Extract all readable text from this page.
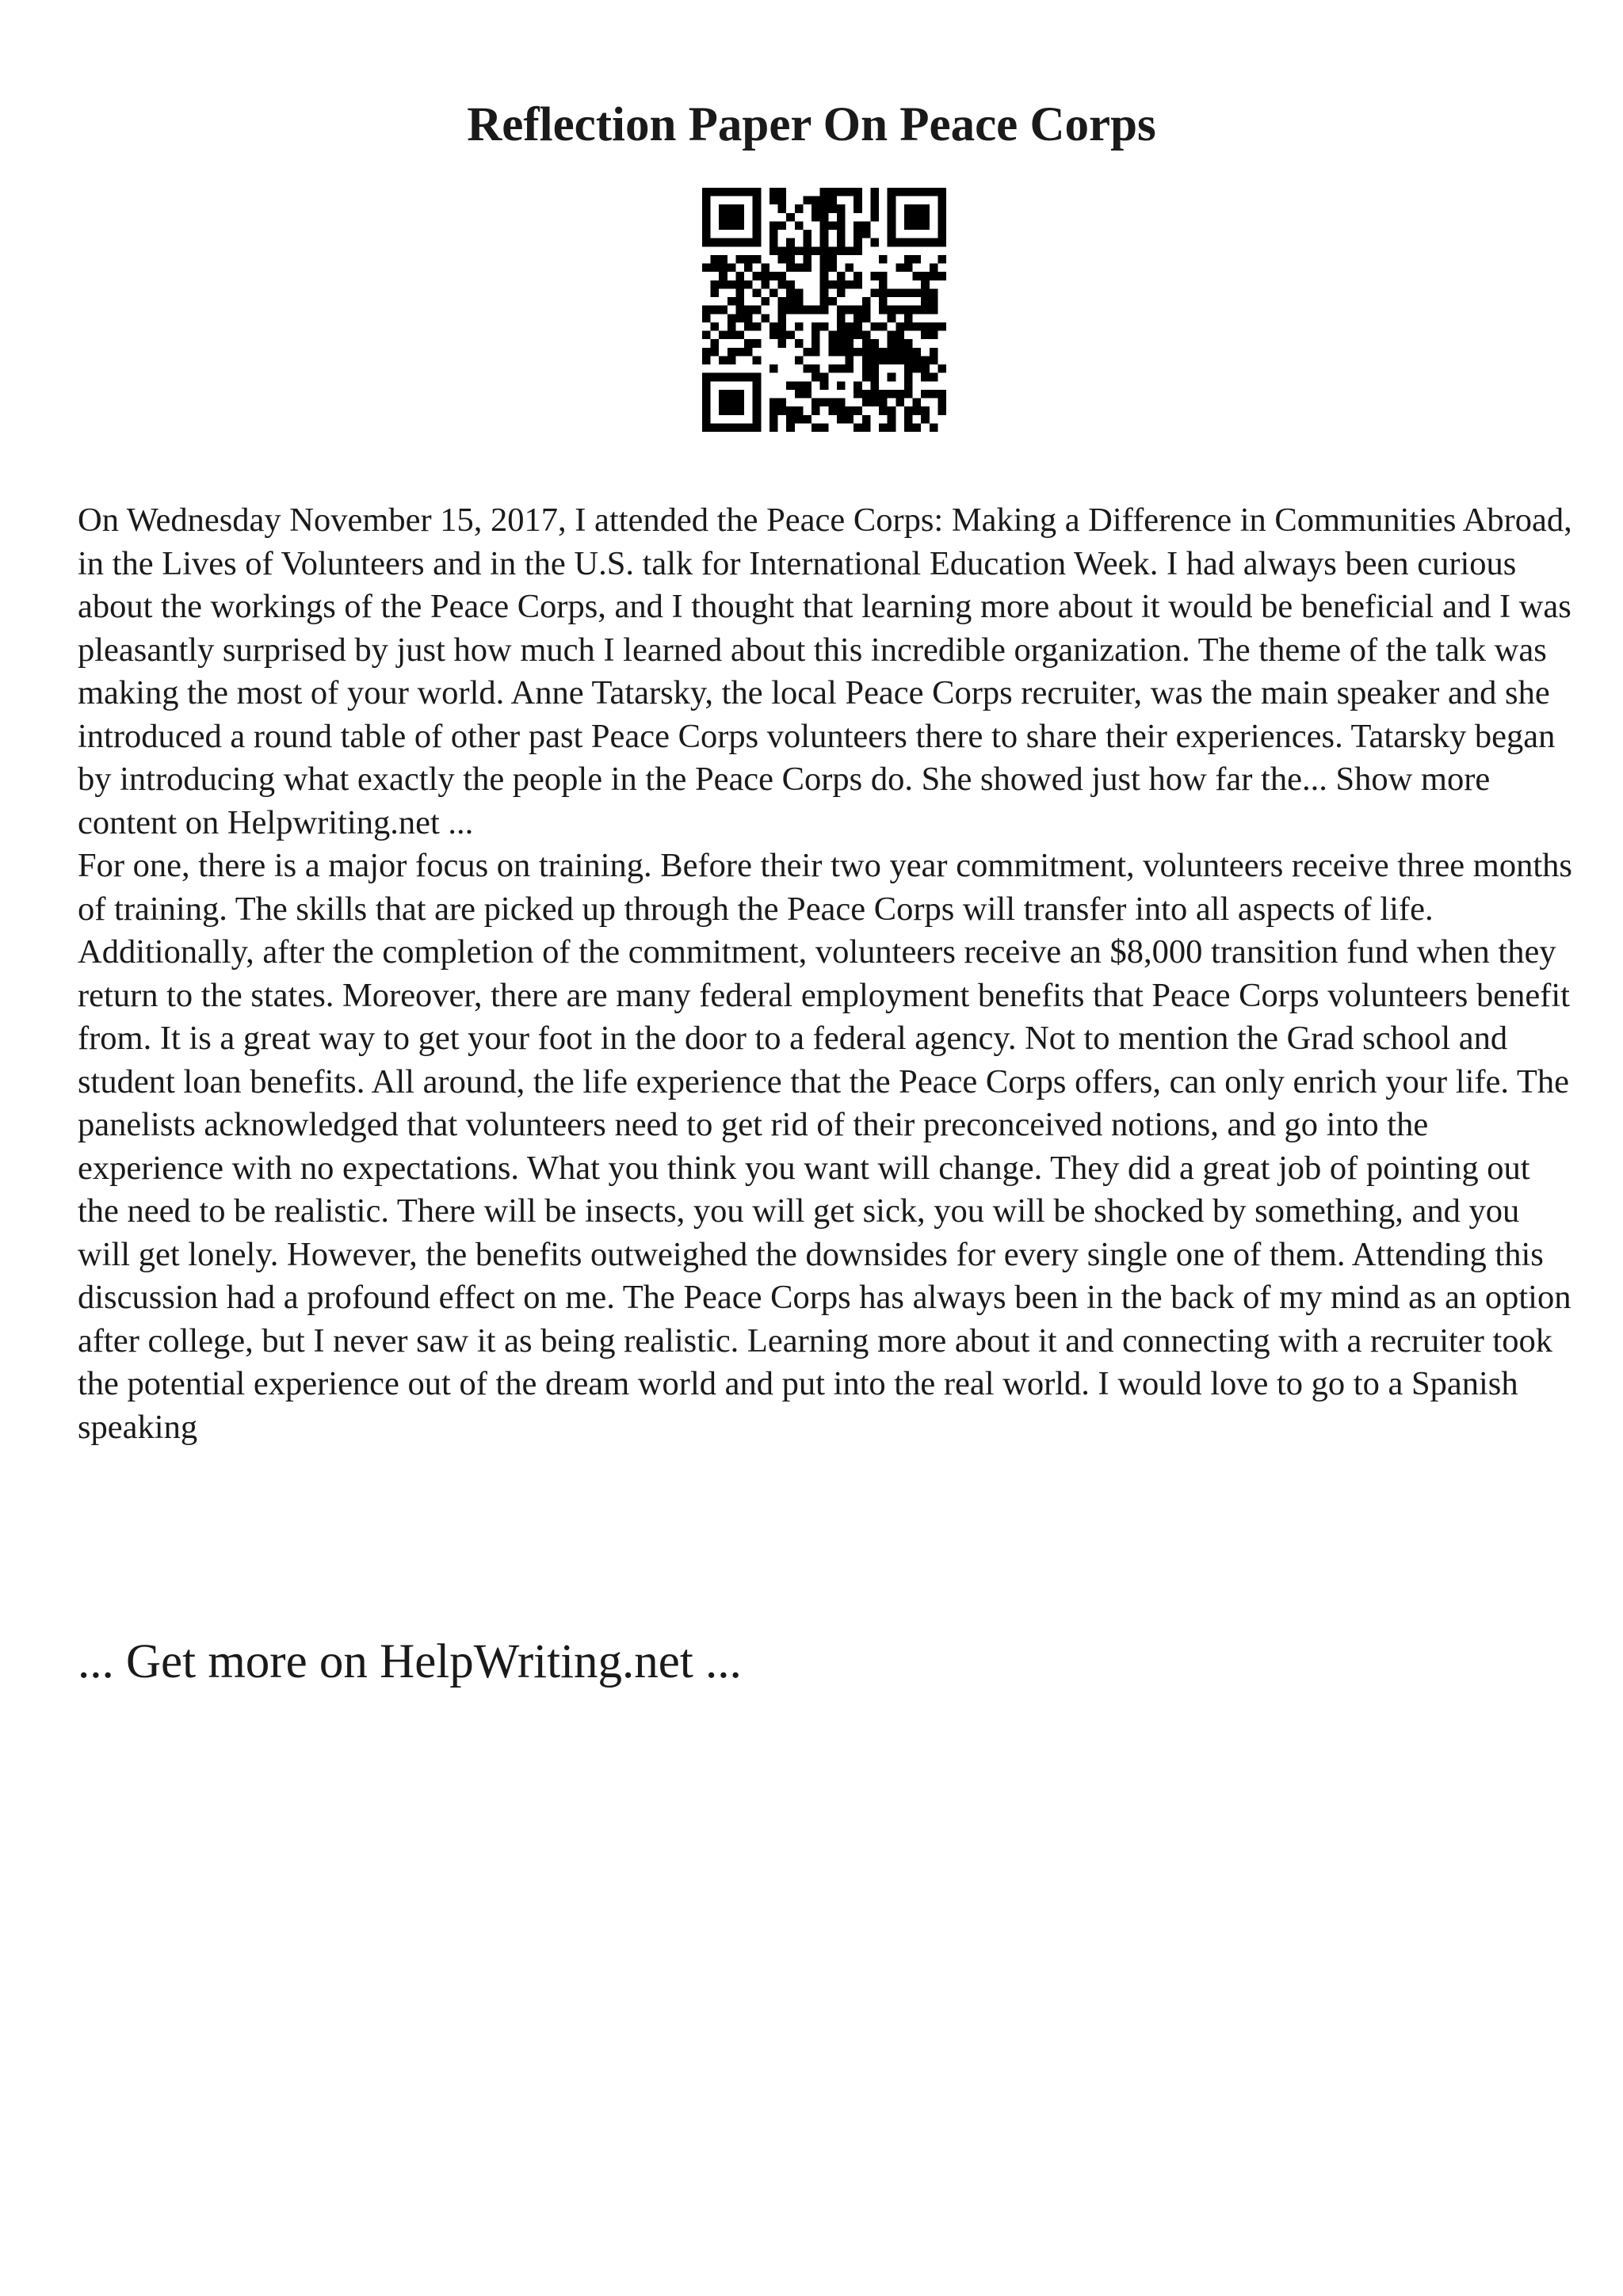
Reflection Paper On Peace Corps

On Wednesday November 15, 2017, I attended the Peace Corps: Making a Difference in Communities Abroad, in the Lives of Volunteers and in the U.S. talk for International Education Week. I had always been curious about the workings of the Peace Corps, and I thought that learning more about it would be beneficial and I was pleasantly surprised by just how much I learned about this incredible organization. The theme of the talk was making the most of your world. Anne Tatarsky, the local Peace Corps recruiter, was the main speaker and she introduced a round table of other past Peace Corps volunteers there to share their experiences. Tatarsky began by introducing what exactly the people in the Peace Corps do. She showed just how far the... Show more content on Helpwriting.net ...

For one, there is a major focus on training. Before their two year commitment, volunteers receive three months of training. The skills that are picked up through the Peace Corps will transfer into all aspects of life. Additionally, after the completion of the commitment, volunteers receive an $8,000 transition fund when they return to the states. Moreover, there are many federal employment benefits that Peace Corps volunteers benefit from. It is a great way to get your foot in the door to a federal agency. Not to mention the Grad school and student loan benefits. All around, the life experience that the Peace Corps offers, can only enrich your life. The panelists acknowledged that volunteers need to get rid of their preconceived notions, and go into the experience with no expectations. What you think you want will change. They did a great job of pointing out the need to be realistic. There will be insects, you will get sick, you will be shocked by something, and you will get lonely. However, the benefits outweighed the downsides for every single one of them. Attending this discussion had a profound effect on me. The Peace Corps has always been in the back of my mind as an option after college, but I never saw it as being realistic. Learning more about it and connecting with a recruiter took the potential experience out of the dream world and put into the real world. I would love to go to a Spanish speaking

... Get more on HelpWriting.net ...
